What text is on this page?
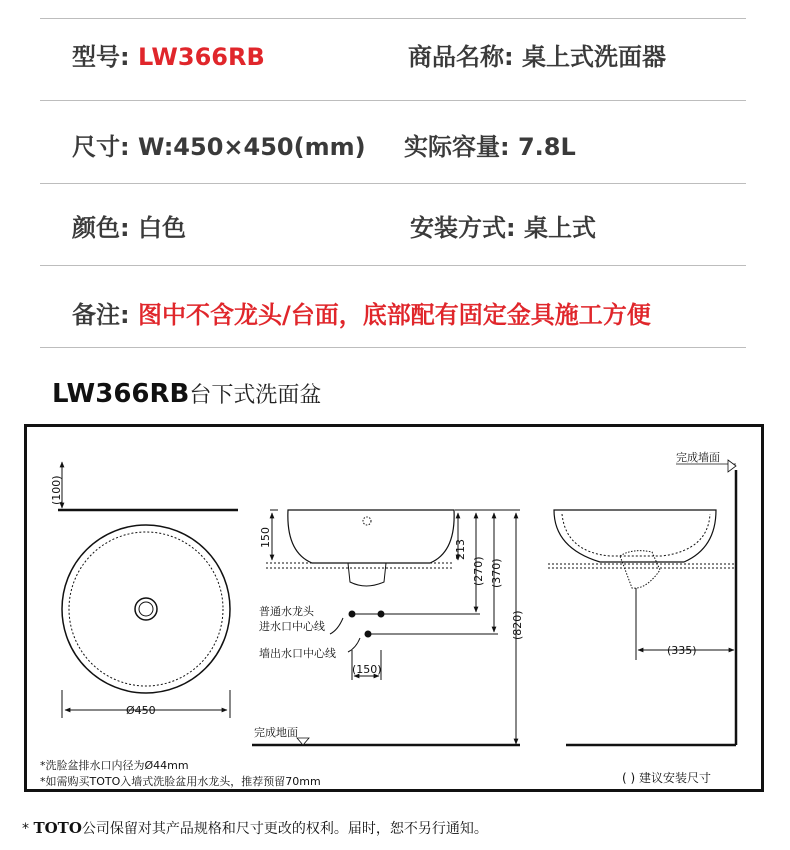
型号: LW366RB	商品名称: 桌上式洗面器
尺寸: W:450×450(mm) 实际容量: 7.8L
颜色: 白色	安装方式: 桌上式
备注: 图中不含龙头/台面，底部配有固定金具施工方便
LW366RB台下式洗面盆
(100)
Ø450
150
213
(270) (370)
(820)
(150)
(335)
普通水龙头
进水口中心线
墙出水口中心线
完成地面
完成墙面
*洗脸盆排水口内径为Ø44mm
*如需购买TOTO入墙式洗脸盆用水龙头，推荐预留70mm	( ) 建议安装尺寸
* TOTO公司保留对其产品规格和尺寸更改的权利。届时，恕不另行通知。
